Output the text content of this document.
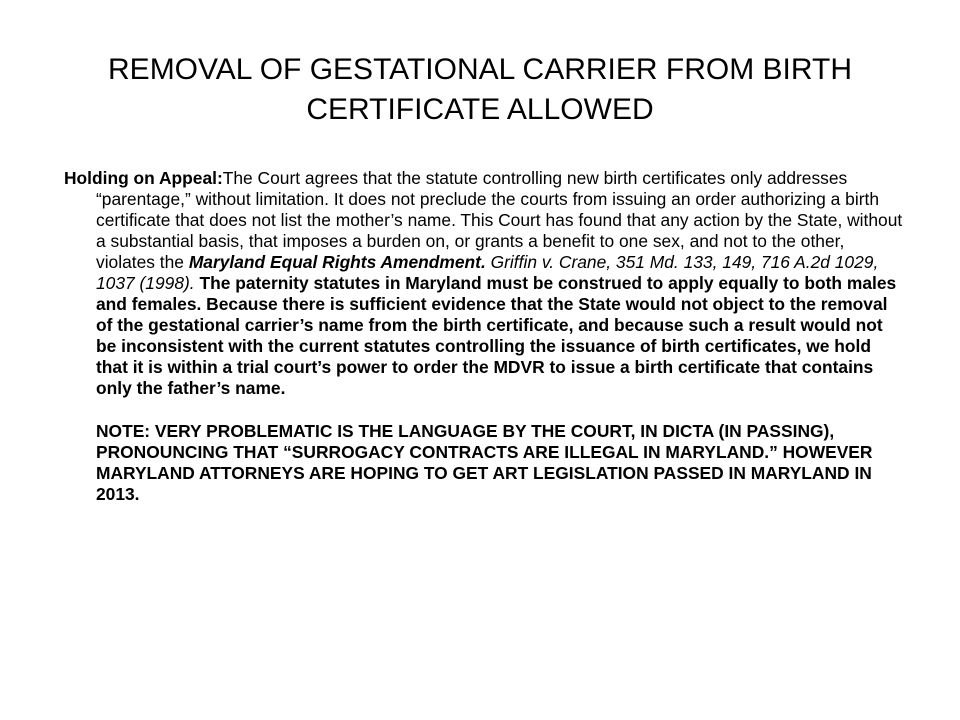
REMOVAL OF GESTATIONAL CARRIER FROM BIRTH CERTIFICATE ALLOWED

Holding on Appeal:The Court agrees that the statute controlling new birth certificates only addresses “parentage,” without limitation. It does not preclude the courts from issuing an order authorizing a birth certificate that does not list the mother’s name. This Court has found that any action by the State, without a substantial basis, that imposes a burden on, or grants a benefit to one sex, and not to the other, violates the Maryland Equal Rights Amendment. Griffin v. Crane, 351 Md. 133, 149, 716 A.2d 1029, 1037 (1998). The paternity statutes in Maryland must be construed to apply equally to both males and females. Because there is sufficient evidence that the State would not object to the removal of the gestational carrier’s name from the birth certificate, and because such a result would not be inconsistent with the current statutes controlling the issuance of birth certificates, we hold that it is within a trial court’s power to order the MDVR to issue a birth certificate that contains only the father’s name.

NOTE: VERY PROBLEMATIC IS THE LANGUAGE BY THE COURT, IN DICTA (IN PASSING), PRONOUNCING THAT “SURROGACY CONTRACTS ARE ILLEGAL IN MARYLAND.” HOWEVER MARYLAND ATTORNEYS ARE HOPING TO GET ART LEGISLATION PASSED IN MARYLAND IN 2013.
